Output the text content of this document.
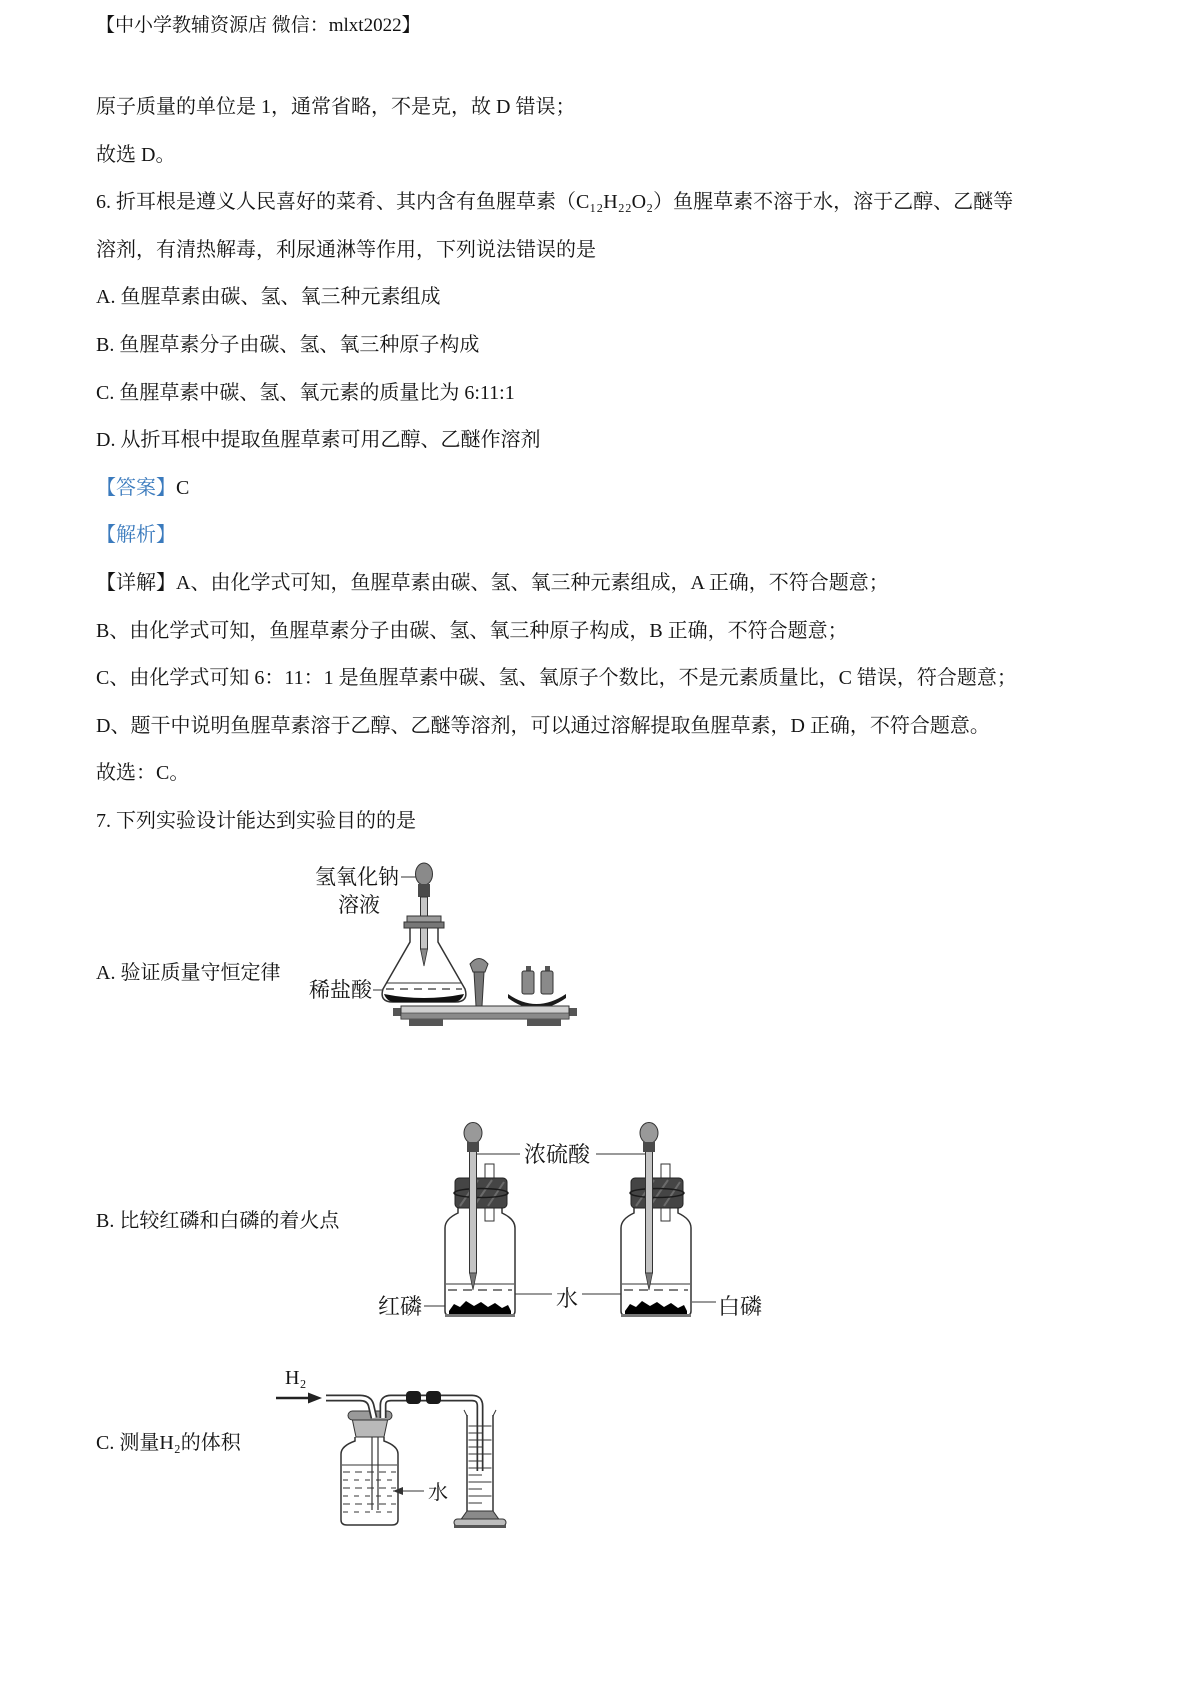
【中小学教辅资源店 微信：mlxt2022】

原子质量的单位是 1，通常省略，不是克，故 D 错误；

故选 D。

6. 折耳根是遵义人民喜好的菜肴、其内含有鱼腥草素（C₁₂H₂₂O₂）鱼腥草素不溶于水，溶于乙醇、乙醚等

溶剂，有清热解毒，利尿通淋等作用，下列说法错误的是

A. 鱼腥草素由碳、氢、氧三种元素组成

B. 鱼腥草素分子由碳、氢、氧三种原子构成

C. 鱼腥草素中碳、氢、氧元素的质量比为 6:11:1

D. 从折耳根中提取鱼腥草素可用乙醇、乙醚作溶剂

【答案】C

【解析】

【详解】A、由化学式可知，鱼腥草素由碳、氢、氧三种元素组成，A 正确，不符合题意；

B、由化学式可知，鱼腥草素分子由碳、氢、氧三种原子构成，B 正确，不符合题意；

C、由化学式可知 6：11：1 是鱼腥草素中碳、氢、氧原子个数比，不是元素质量比，C 错误，符合题意；

D、题干中说明鱼腥草素溶于乙醇、乙醚等溶剂，可以通过溶解提取鱼腥草素，D 正确，不符合题意。

故选：C。

7. 下列实验设计能达到实验目的的是

A. 验证质量守恒定律
B. 比较红磷和白磷的着火点
C. 测量H₂的体积
氢氧化钠
溶液
稀盐酸
浓硫酸
红磷	水	白磷
H₂
水
